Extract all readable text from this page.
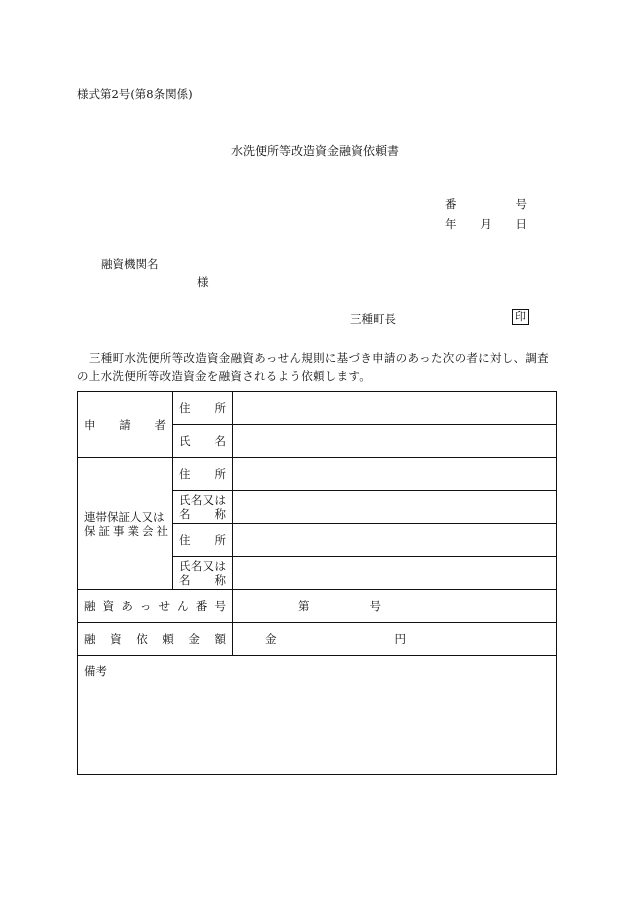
様式第2号(第8条関係)
水洗便所等改造資金融資依頼書
番	号
年 月 日
融資機関名
様
三種町長	印
三種町水洗便所等改造資金融資あっせん規則に基づき申請のあった次の者に対し、調査の上水洗便所等改造資金を融資されるよう依頼します。
申　請　者	住　　所	

	氏　　名	

連帯保証人又は
保証事業会社	住　　所	

	氏名又は
名　　称	

	住　　所	

	氏名又は
名　　称	

融資あっせん番号		第 号

融資依頼金額		金 円

備考		
